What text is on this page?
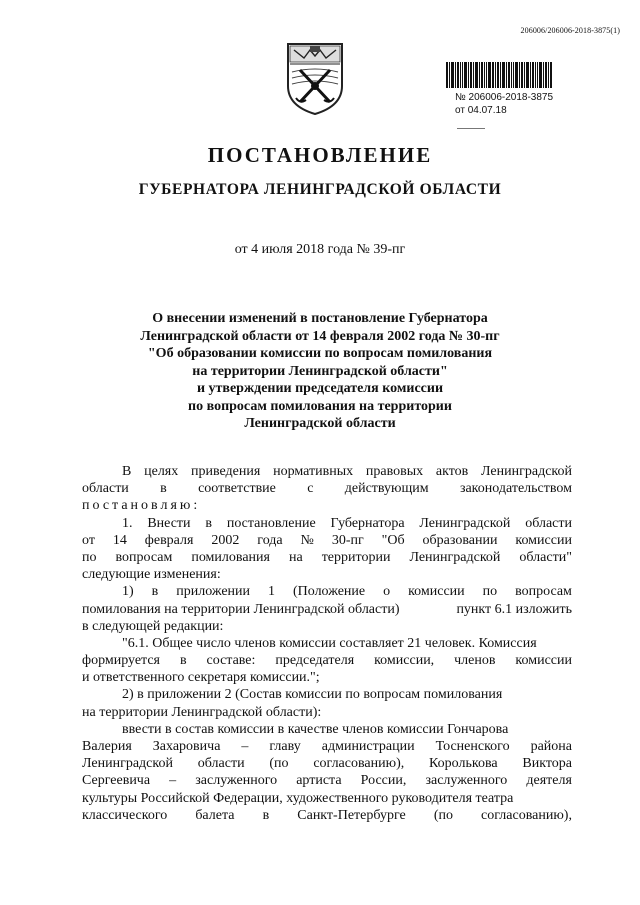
206006/206006-2018-3875(1)
№ 206006-2018-3875
от 04.07.18
ПОСТАНОВЛЕНИЕ
ГУБЕРНАТОРА ЛЕНИНГРАДСКОЙ ОБЛАСТИ
от 4 июля 2018 года № 39-пг
О внесении изменений в постановление Губернатора
Ленинградской области от 14 февраля 2002 года № 30-пг
"Об образовании комиссии по вопросам помилования
на территории Ленинградской области"
и утверждении председателя комиссии
по вопросам помилования на территории
Ленинградской области
В целях приведения нормативных правовых актов Ленинградской
области в соответствие с действующим законодательством
постановляю:
1. Внести в постановление Губернатора Ленинградской области
от 14 февраля 2002 года № 30-пг "Об образовании комиссии
по вопросам помилования на территории Ленинградской области"
следующие изменения:
1) в приложении 1 (Положение о комиссии по вопросам
помилования на территории Ленинградской области)	пункт 6.1 изложить
в следующей редакции:
"6.1. Общее число членов комиссии составляет 21 человек. Комиссия
формируется в составе: председателя комиссии, членов комиссии
и ответственного секретаря комиссии.";
2) в приложении 2 (Состав комиссии по вопросам помилования
на территории Ленинградской области):
ввести в состав комиссии в качестве членов комиссии Гончарова
Валерия Захаровича – главу администрации Тосненского района
Ленинградской области (по согласованию), Королькова Виктора
Сергеевича – заслуженного артиста России, заслуженного деятеля
культуры Российской Федерации, художественного руководителя театра
классического балета в Санкт-Петербурге (по согласованию),
